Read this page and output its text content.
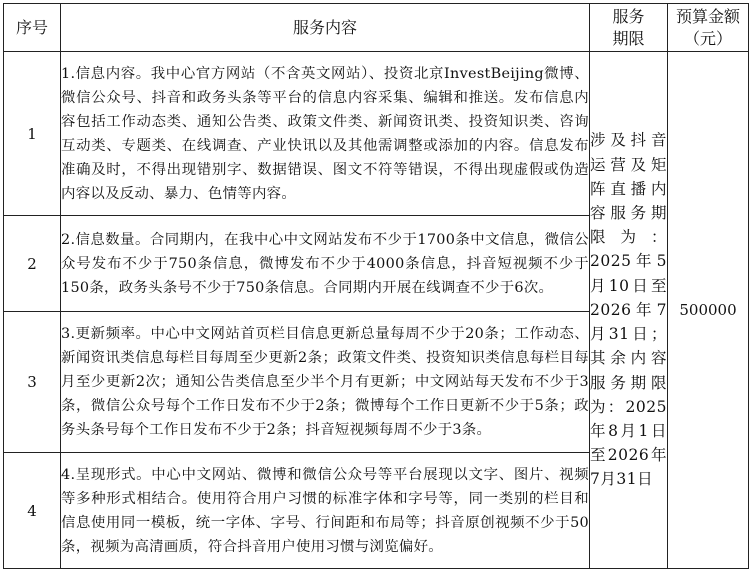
序号	服务内容	服务期限	预算金额（元）
1	1.信息内容。我中心官方网站（不含英文网站）、投资北京InvestBeijing微博、微信公众号、抖音和政务头条等平台的信息内容采集、编辑和推送。发布信息内容包括工作动态类、通知公告类、政策文件类、新闻资讯类、投资知识类、咨询互动类、专题类、在线调查、产业快讯以及其他需调整或添加的内容。信息发布准确及时，不得出现错别字、数据错误、图文不符等错误，不得出现虚假或伪造内容以及反动、暴力、色情等内容。	涉及抖音运营及矩阵直播内容服务期限为：2025年5月10日至2026年7月31日；其余内容服务期限为：2025年8月1日至2026年7月31日	500000
2	2.信息数量。合同期内，在我中心中文网站发布不少于1700条中文信息，微信公众号发布不少于750条信息，微博发布不少于4000条信息，抖音短视频不少于150条，政务头条号不少于750条信息。合同期内开展在线调查不少于6次。		
3	3.更新频率。中心中文网站首页栏目信息更新总量每周不少于20条；工作动态、新闻资讯类信息每栏目每周至少更新2条；政策文件类、投资知识类信息每栏目每月至少更新2次；通知公告类信息至少半个月有更新；中文网站每天发布不少于3条，微信公众号每个工作日发布不少于2条；微博每个工作日更新不少于5条；政务头条号每个工作日发布不少于2条；抖音短视频每周不少于3条。		
4	4.呈现形式。中心中文网站、微博和微信公众号等平台展现以文字、图片、视频等多种形式相结合。使用符合用户习惯的标准字体和字号等，同一类别的栏目和信息使用同一模板，统一字体、字号、行间距和布局等；抖音原创视频不少于50条，视频为高清画质，符合抖音用户使用习惯与浏览偏好。		
